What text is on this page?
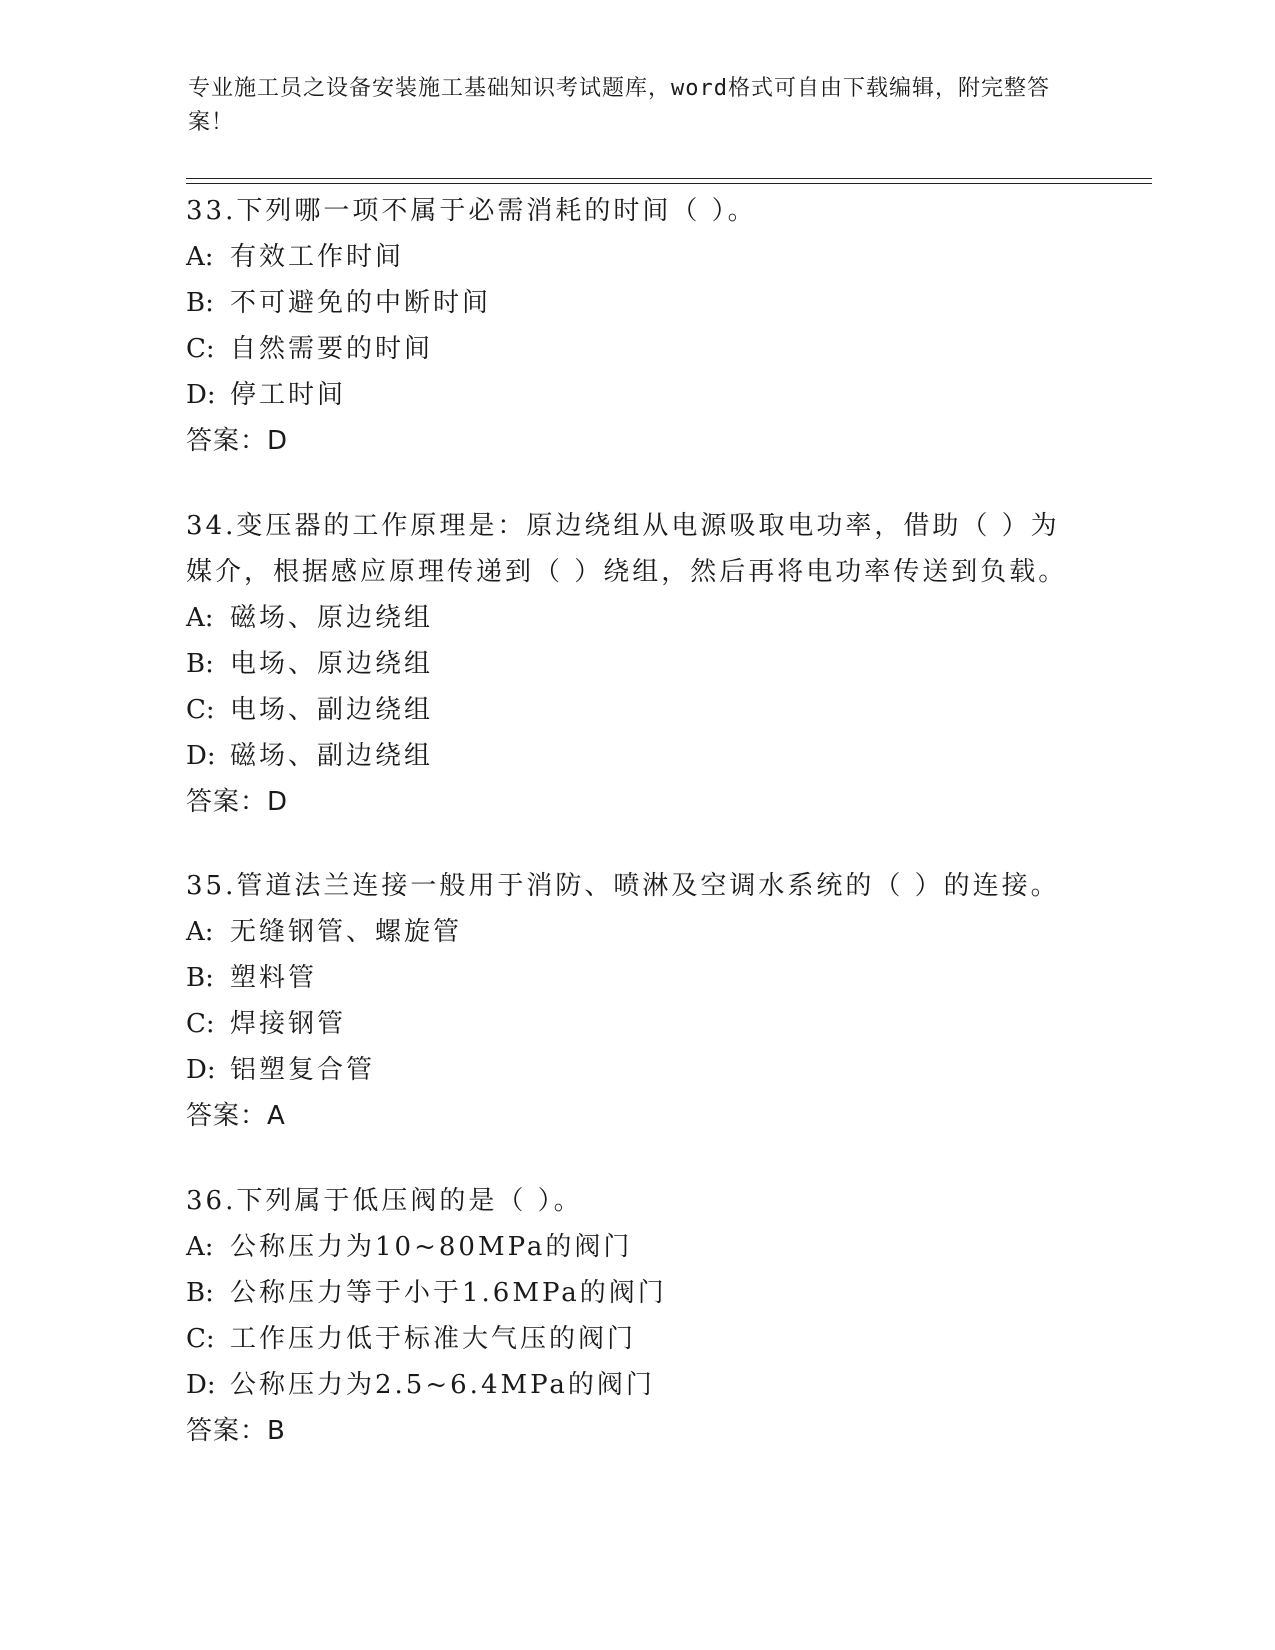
专业施工员之设备安装施工基础知识考试题库，word格式可自由下载编辑，附完整答案！
33.下列哪一项不属于必需消耗的时间（ ）。
A: 有效工作时间
B: 不可避免的中断时间
C: 自然需要的时间
D: 停工时间
答案：D
34.变压器的工作原理是：原边绕组从电源吸取电功率，借助（ ）为
媒介，根据感应原理传递到（ ）绕组，然后再将电功率传送到负载。
A: 磁场、原边绕组
B: 电场、原边绕组
C: 电场、副边绕组
D: 磁场、副边绕组
答案：D
35.管道法兰连接一般用于消防、喷淋及空调水系统的（ ）的连接。
A: 无缝钢管、螺旋管
B: 塑料管
C: 焊接钢管
D: 铝塑复合管
答案：A
36.下列属于低压阀的是（ ）。
A: 公称压力为10~80MPa的阀门
B: 公称压力等于小于1.6MPa的阀门
C: 工作压力低于标准大气压的阀门
D: 公称压力为2.5~6.4MPa的阀门
答案：B
